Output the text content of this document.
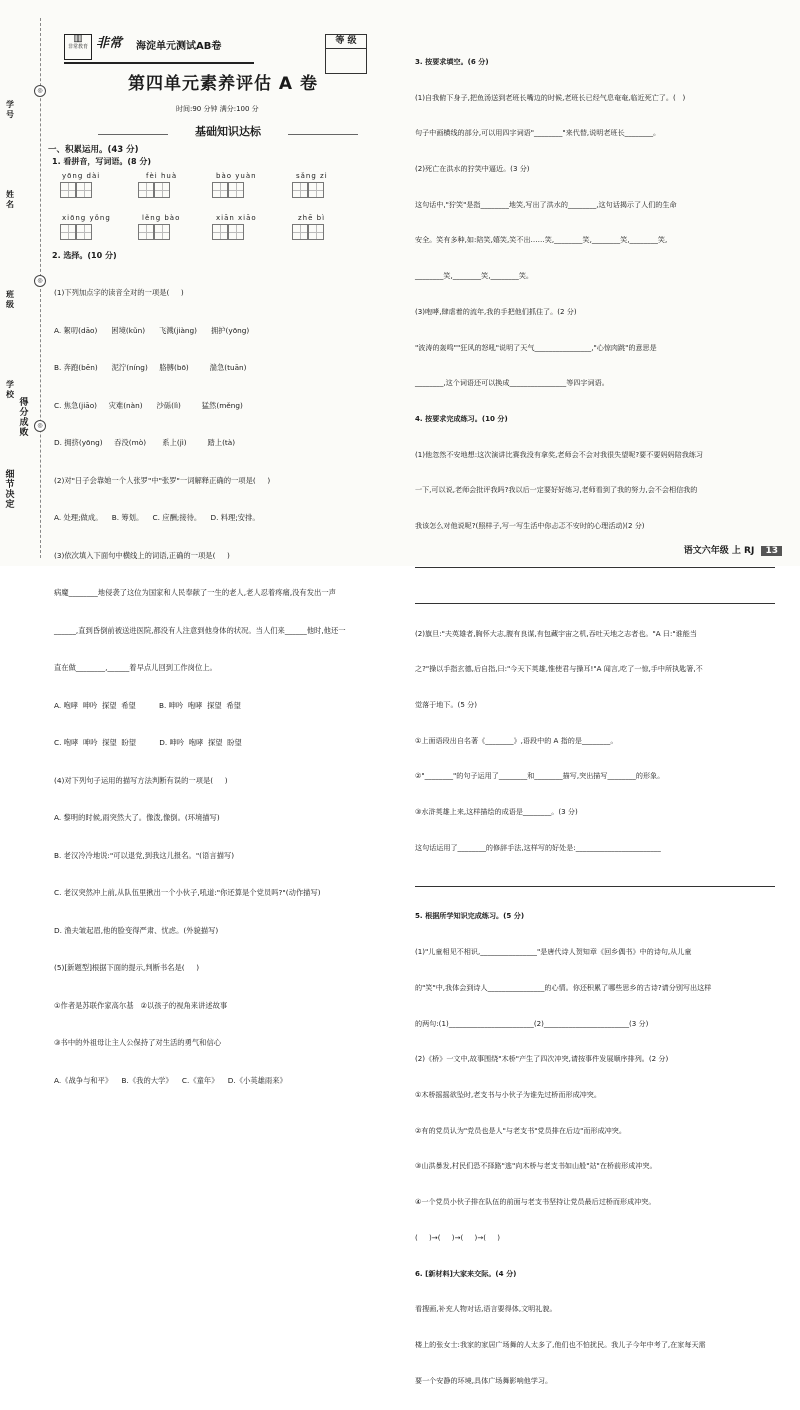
学号
姓名
班级
学校
得分成败
细节决定
◎
◎
◎
▥
非常教育 非常 海淀单元测试AB卷	等 级
第四单元素养评估 A 卷
时间:90 分钟 满分:100 分
基础知识达标
一、积累运用。(43 分)
1. 看拼音，写词语。(8 分)
yōng dài	fèi huà	bào yuàn	sǎng zi
xiōng yǒng	lěng bào	xiān xiāo	zhē bì
2. 选择。(10 分)

(1)下列加点字的读音全对的一项是(     )

A. 絮叨(dāo)      困境(kǔn)      飞溅(jiàng)      拥护(yōng)

B. 奔跑(bēn)      泥泞(níng)     胳膊(bō)         湍急(tuān)

C. 焦急(jiāo)     灾难(nàn)      沙砾(lì)         猛然(měng)

D. 拥挤(yōng)     吞没(mò)       系上(jì)         踏上(tà)

(2)对"日子会靠她一个人张罗"中"张罗"一词解释正确的一项是(     )

A. 处理;做成。    B. 筹划。    C. 应酬;接待。    D. 料理;安排。

(3)依次填入下面句中横线上的词语,正确的一项是(     )

病魔________地侵袭了这位为国家和人民奉献了一生的老人,老人忍着疼痛,没有发出一声

______,直到昏倒前被送进医院,都没有人注意到他身体的状况。当人们来______他时,他还一

直在做________,______着早点儿回到工作岗位上。

A. 咆哮  呻吟  探望  希望          B. 呻吟  咆哮  探望  希望

C. 咆哮  呻吟  探望  盼望          D. 呻吟  咆哮  探望  盼望

(4)对下列句子运用的描写方法判断有误的一项是(     )

A. 黎明的时候,雨突然大了。像泼,像倒。(环境描写)

B. 老汉冷冷地说:"可以退党,到我这儿报名。"(语言描写)

C. 老汉突然冲上前,从队伍里揪出一个小伙子,吼道:"你还算是个党员吗?"(动作描写)

D. 渔夫皱起眉,他的脸变得严肃、忧虑。(外貌描写)

(5)[新题型]根据下面的提示,判断书名是(     )

①作者是苏联作家高尔基   ②以孩子的视角来讲述故事

③书中的外祖母让主人公保持了对生活的勇气和信心

A.《战争与和平》    B.《我的大学》    C.《童年》    D.《小英雄雨来》

3. 按要求填空。(6 分)

(1)自我俯下身子,把鱼汤送到老班长嘴边的时候,老班长已经气息奄奄,临近死亡了。(   )

句子中画横线的部分,可以用四字词语"________"来代替,说明老班长________。

(2)死亡在洪水的狞笑中逼近。(3 分)

这句话中,"狞笑"是指________地笑,写出了洪水的________,这句话揭示了人们的生命

安全。笑有多种,如:陪笑,嬉笑,笑不出……笑,________笑,________笑,________笑,

________笑,________笑,________笑。

(3)咆哮,肆虐着的流年,我的手把他们抓住了。(2 分)

"波涛的轰鸣""狂风的怒吼"说明了天气________________,"心惊肉跳"的意思是

________,这个词语还可以换成________________等四字词语。

4. 按要求完成练习。(10 分)

(1)他忽然不安地想:这次演讲比赛我没有拿奖,老师会不会对我很失望呢?要不要妈妈陪我练习

一下,可以说,老师会批评我吗?我以后一定要好好练习,老师看到了我的努力,会不会相信我的

我该怎么对他说呢?(照样子,写一写生活中你忐忑不安时的心理活动)(2 分)

(2)旗旦:"夫英雄者,胸怀大志,腹有良谋,有包藏宇宙之机,吞吐天地之志者也。"A 曰:"谁能当

之?"操以手指玄德,后自指,曰:"今天下英雄,惟使君与操耳!"A 闻言,吃了一惊,手中所执匙箸,不

觉落于地下。(5 分)

①上面语段出自名著《________》,语段中的 A 指的是________。

②"________"的句子运用了________和________描写,突出描写________的形象。

③水浒英雄上来,这样描绘的成语是________。(3 分)

这句话运用了________的修辞手法,这样写的好处是:________________________

5. 根据所学知识完成练习。(5 分)

(1)"儿童相见不相识,________________"是唐代诗人贺知章《回乡偶书》中的诗句,从儿童

的"笑"中,我体会到诗人________________的心情。你还积累了哪些思乡的古诗?请分别写出这样

的两句:(1)________________________(2)________________________(3 分)

(2)《桥》一文中,故事围绕"木桥"产生了四次冲突,请按事件发展顺序排列。(2 分)

①木桥摇摇欲坠时,老支书与小伙子为谁先过桥而形成冲突。

②有的党员认为"党员也是人"与老支书"党员排在后边"而形成冲突。

③山洪暴发,村民们恐不择路"逃"向木桥与老支书如山般"站"在桥前形成冲突。

④一个党员小伙子排在队伍的前面与老支书坚持让党员最后过桥而形成冲突。

(     )→(     )→(     )→(     )

6. [新材料]大家来交际。(4 分)

看搜画,补充人物对话,语言要得体,文明礼貌。

楼上的张女士:我家的家居广场舞的人太多了,他们也不怕扰民。我儿子今年中考了,在家每天需

要一个安静的环境,具体广场舞影响他学习。

语文六年级 上 RJ 13
